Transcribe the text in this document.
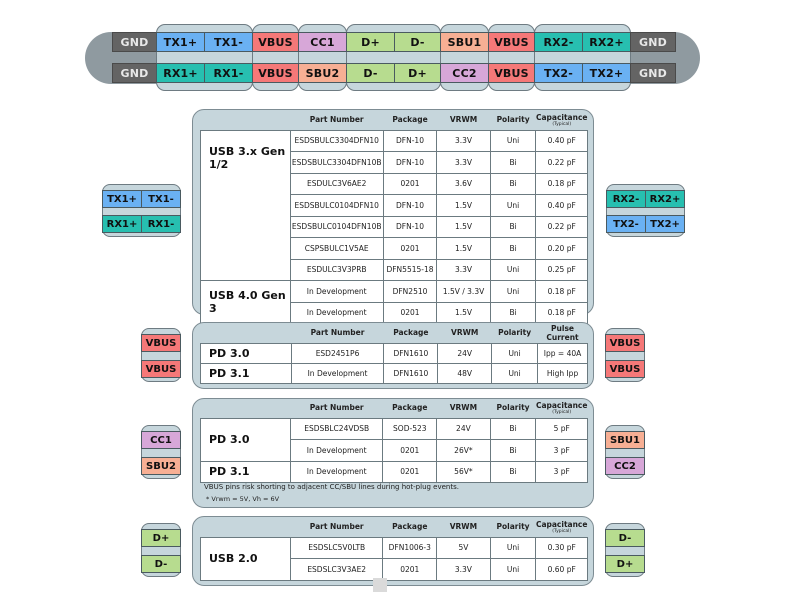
GND	TX1+	TX1-	VBUS	CC1	D+	D-	SBU1	VBUS	RX2-	RX2+	GND
GND	RX1+	RX1-	VBUS	SBU2	D-	D+	CC2	VBUS	TX2-	TX2+	GND
TX1+	TX1-
RX1+	RX1-
RX2-	RX2+
TX2-	TX2+
VBUS
VBUS
VBUS
VBUS
CC1
SBU2
SBU1
CC2
D+
D-
D-
D+
	Part Number	Package	VRWM	Polarity	Capacitance
(Typical)

USB 3.x Gen 1/2	ESDSBULC3304DFN10	DFN-10	3.3V	Uni	0.40 pF
	ESDSBULC3304DFN10B	DFN-10	3.3V	Bi	0.22 pF
	ESDULC3V6AE2	0201	3.6V	Bi	0.18 pF
	ESDSBULC0104DFN10	DFN-10	1.5V	Uni	0.40 pF
	ESDSBULC0104DFN10B	DFN-10	1.5V	Bi	0.22 pF
	CSPSBULC1V5AE	0201	1.5V	Bi	0.20 pF
	ESDULC3V3PRB	DFN5515-18	3.3V	Uni	0.25 pF
USB 4.0 Gen 3	In Development	DFN2510	1.5V / 3.3V	Uni	0.18 pF
	In Development	0201	1.5V	Bi	0.18 pF
	Part Number	Package	VRWM	Polarity	Pulse Current
PD 3.0	ESD2451P6	DFN1610	24V	Uni	Ipp = 40A
PD 3.1	In Development	DFN1610	48V	Uni	High Ipp
	Part Number	Package	VRWM	Polarity	Capacitance
(Typical)

PD 3.0	ESDSBLC24VDSB	SOD-523	24V	Bi	5 pF
	In Development	0201	26V*	Bi	3 pF
PD 3.1	In Development	0201	56V*	Bi	3 pF
VBUS pins risk shorting to adjacent CC/SBU lines during hot-plug events.
* Vrwm = 5V, Vh = 6V
	Part Number	Package	VRWM	Polarity	Capacitance
(Typical)

USB 2.0	ESDSLC5V0LTB	DFN1006-3	5V	Uni	0.30 pF
	ESDSLC3V3AE2	0201	3.3V	Uni	0.60 pF
